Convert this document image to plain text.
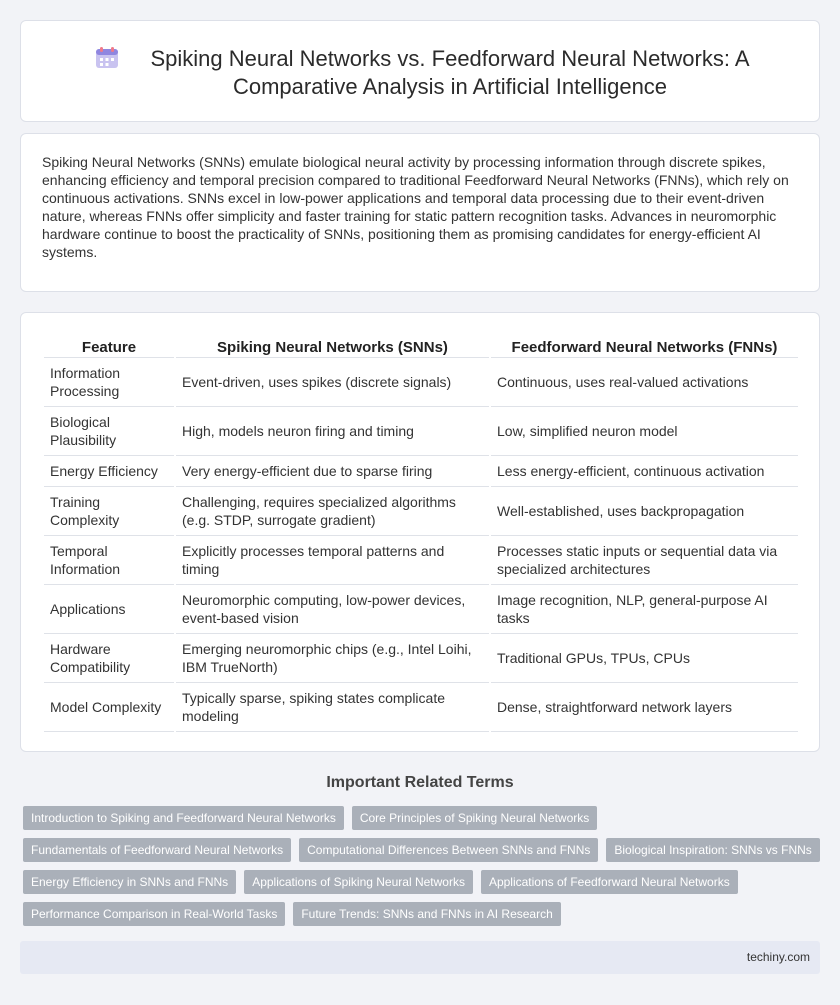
Spiking Neural Networks vs. Feedforward Neural Networks: A Comparative Analysis in Artificial Intelligence

Spiking Neural Networks (SNNs) emulate biological neural activity by processing information through discrete spikes, enhancing efficiency and temporal precision compared to traditional Feedforward Neural Networks (FNNs), which rely on continuous activations. SNNs excel in low-power applications and temporal data processing due to their event-driven nature, whereas FNNs offer simplicity and faster training for static pattern recognition tasks. Advances in neuromorphic hardware continue to boost the practicality of SNNs, positioning them as promising candidates for energy-efficient AI systems.

Feature	Spiking Neural Networks (SNNs)	Feedforward Neural Networks (FNNs)
Information Processing	Event-driven, uses spikes (discrete signals)	Continuous, uses real-valued activations
Biological Plausibility	High, models neuron firing and timing	Low, simplified neuron model
Energy Efficiency	Very energy-efficient due to sparse firing	Less energy-efficient, continuous activation
Training Complexity	Challenging, requires specialized algorithms (e.g. STDP, surrogate gradient)	Well-established, uses backpropagation
Temporal Information	Explicitly processes temporal patterns and timing	Processes static inputs or sequential data via specialized architectures
Applications	Neuromorphic computing, low-power devices, event-based vision	Image recognition, NLP, general-purpose AI tasks
Hardware Compatibility	Emerging neuromorphic chips (e.g., Intel Loihi, IBM TrueNorth)	Traditional GPUs, TPUs, CPUs
Model Complexity	Typically sparse, spiking states complicate modeling	Dense, straightforward network layers
Important Related Terms
Introduction to Spiking and Feedforward Neural Networks	Core Principles of Spiking Neural Networks
Fundamentals of Feedforward Neural Networks	Computational Differences Between SNNs and FNNs	Biological Inspiration: SNNs vs FNNs
Energy Efficiency in SNNs and FNNs	Applications of Spiking Neural Networks	Applications of Feedforward Neural Networks
Performance Comparison in Real-World Tasks	Future Trends: SNNs and FNNs in AI Research
techiny.com
